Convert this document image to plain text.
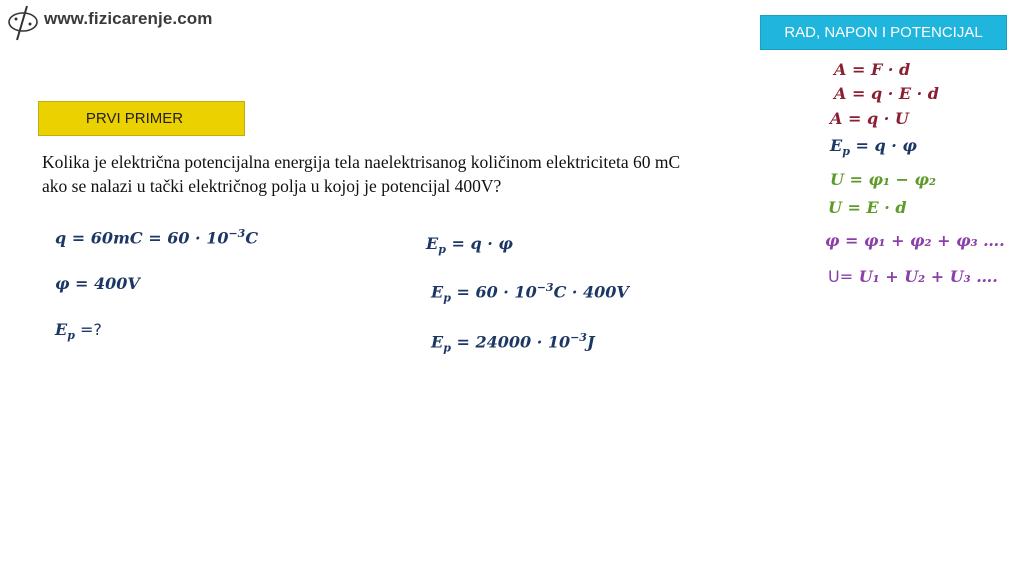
www.fizicarenje.com
PRVI PRIMER
RAD, NAPON I POTENCIJAL
Kolika je električna potencijalna energija tela naelektrisanog količinom elektriciteta 60 mC
ako se nalazi u tački električnog polja u kojoj je potencijal 400V?
$q = 60mC = 60 \cdot 10^{-3}C$
φ = 400V
$E_p$ =?
$E_p = q \cdot \varphi$
$E_p = 60 \cdot 10^{-3}C \cdot 400V$
$E_p = 24000 \cdot 10^{-3}J$
A = F · d
A = q · E · d
A = q · U
$E_p = q \cdot \varphi$
U = φ₁ − φ₂
U = E · d
φ = φ₁ + φ₂ + φ₃ ….
U= U₁ + U₂ + U₃ ….
